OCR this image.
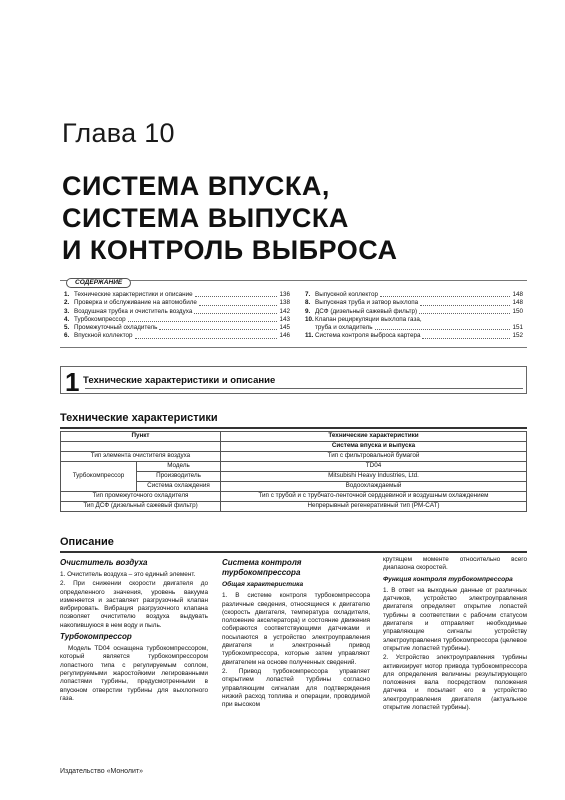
Глава 10
СИСТЕМА ВПУСКА,
СИСТЕМА ВЫПУСКА
И КОНТРОЛЬ ВЫБРОСА
СОДЕРЖАНИЕ
1. Технические характеристики и описание	136
2. Проверка и обслуживание на автомобиле	138
3. Воздушная трубка и очиститель воздуха	142
4. Турбокомпрессор	143
5. Промежуточный охладитель	145
6. Впускной коллектор	146
7. Выпускной коллектор	148
8. Выпускная труба и затвор выхлопа	148
9. ДСФ (дизельный сажевый фильтр)	150
10. Клапан рециркуляции выхлопа газа,
труба и охладитель	151
11. Система контроля выброса картера	152
1 Технические характеристики и описание
Технические характеристики
Пункт		Технические характеристики
		Система впуска и выпуска
Тип элемента очистителя воздуха		Тип с фильтровальной бумагой
Турбокомпрессор	Модель	TD04
	Производитель	Mitsubishi Heavy Industries, Ltd.
	Система охлаждения	Водоохлаждаемый
Тип промежуточного охладителя		Тип с трубой и с трубчато-ленточной сердцевиной и воздушным охлаждением
Тип ДСФ (дизельный сажевый фильтр)		Непрерывный регенеративный тип (PM-CAT)
Описание
Очиститель воздуха

1. Очиститель воздуха – это единый элемент.

2. При снижении скорости двигателя до определенного значения, уровень вакуума изменяется и заставляет разгрузочный клапан вибрировать. Вибрация разгрузочного клапана позволяет очистителю воздуха выдувать накопившуюся в нем воду и пыль.

Турбокомпрессор

Модель TD04 оснащена турбокомпрессором, который является турбокомпрессором лопастного типа с регулируемым соплом, регулируемыми жаростойкими легированными лопастями турбины, предусмотренными в впускном отверстии турбины для выхлопного газа.

Система контроля турбокомпрессора
Общая характеристика

1. В системе контроля турбокомпрессора различные сведения, относящиеся к двигателю (скорость двигателя, температура охладителя, положение акселератора) и состояние движения собираются соответствующими датчиками и посылаются в устройство электроуправления двигателя и электронный привод турбокомпрессора, которые затем управляют двигателем на основе полученных сведений.

2. Привод турбокомпрессора управляет открытием лопастей турбины согласно управляющим сигналам для подтверждения низкий расход топлива и операции, проводимой при высоком

крутящем моменте относительно всего диапазона скоростей.

Функция контроля турбокомпрессора

1. В ответ на выходные данные от различных датчиков, устройство электроуправления двигателя определяет открытие лопастей турбины в соответствии с рабочим статусом двигателя и отправляет необходимые управляющие сигналы устройству электроуправления турбокомпрессора (целевое открытие лопастей турбины).

2. Устройство электроуправления турбины активизирует мотор привода турбокомпрессора для определения величины результирующего положения вала посредством положения датчика и посылает его в устройство электроуправления двигателя (актуальное открытие лопастей турбины).

Издательство «Монолит»
